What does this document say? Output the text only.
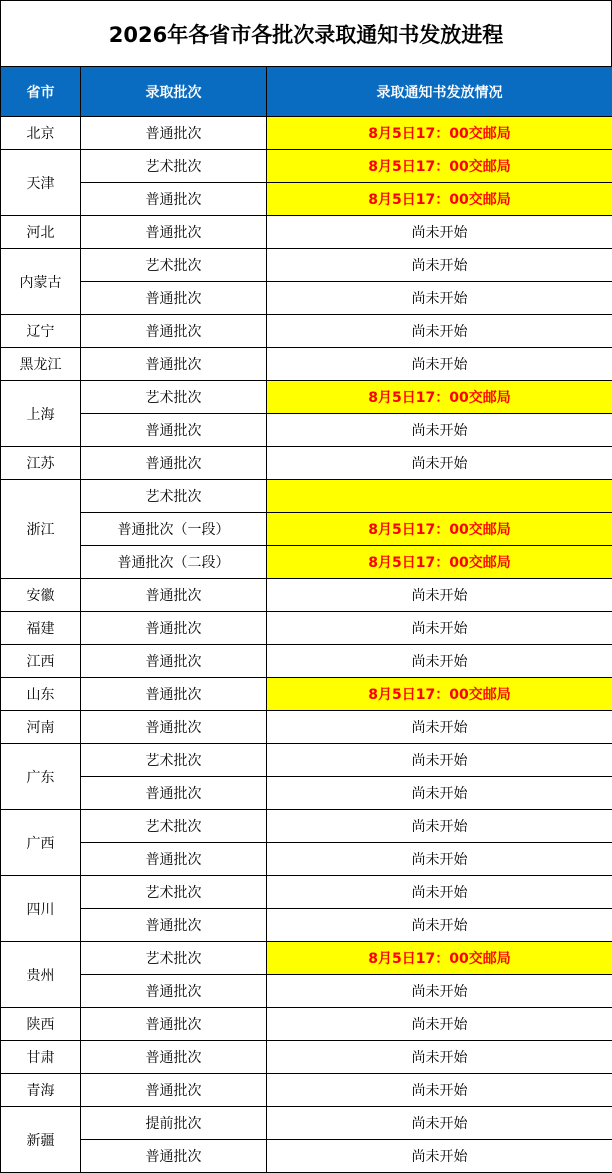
2026年各省市各批次录取通知书发放进程
省市	录取批次	录取通知书发放情况
北京	普通批次	8月5日17：00交邮局
天津	艺术批次	8月5日17：00交邮局
	普通批次	8月5日17：00交邮局
河北	普通批次	尚未开始
内蒙古	艺术批次	尚未开始
	普通批次	尚未开始
辽宁	普通批次	尚未开始
黑龙江	普通批次	尚未开始
上海	艺术批次	8月5日17：00交邮局
	普通批次	尚未开始
江苏	普通批次	尚未开始
浙江	艺术批次	
	普通批次（一段）	8月5日17：00交邮局
	普通批次（二段）	8月5日17：00交邮局
安徽	普通批次	尚未开始
福建	普通批次	尚未开始
江西	普通批次	尚未开始
山东	普通批次	8月5日17：00交邮局
河南	普通批次	尚未开始
广东	艺术批次	尚未开始
	普通批次	尚未开始
广西	艺术批次	尚未开始
	普通批次	尚未开始
四川	艺术批次	尚未开始
	普通批次	尚未开始
贵州	艺术批次	8月5日17：00交邮局
	普通批次	尚未开始
陕西	普通批次	尚未开始
甘肃	普通批次	尚未开始
青海	普通批次	尚未开始
新疆	提前批次	尚未开始
	普通批次	尚未开始
